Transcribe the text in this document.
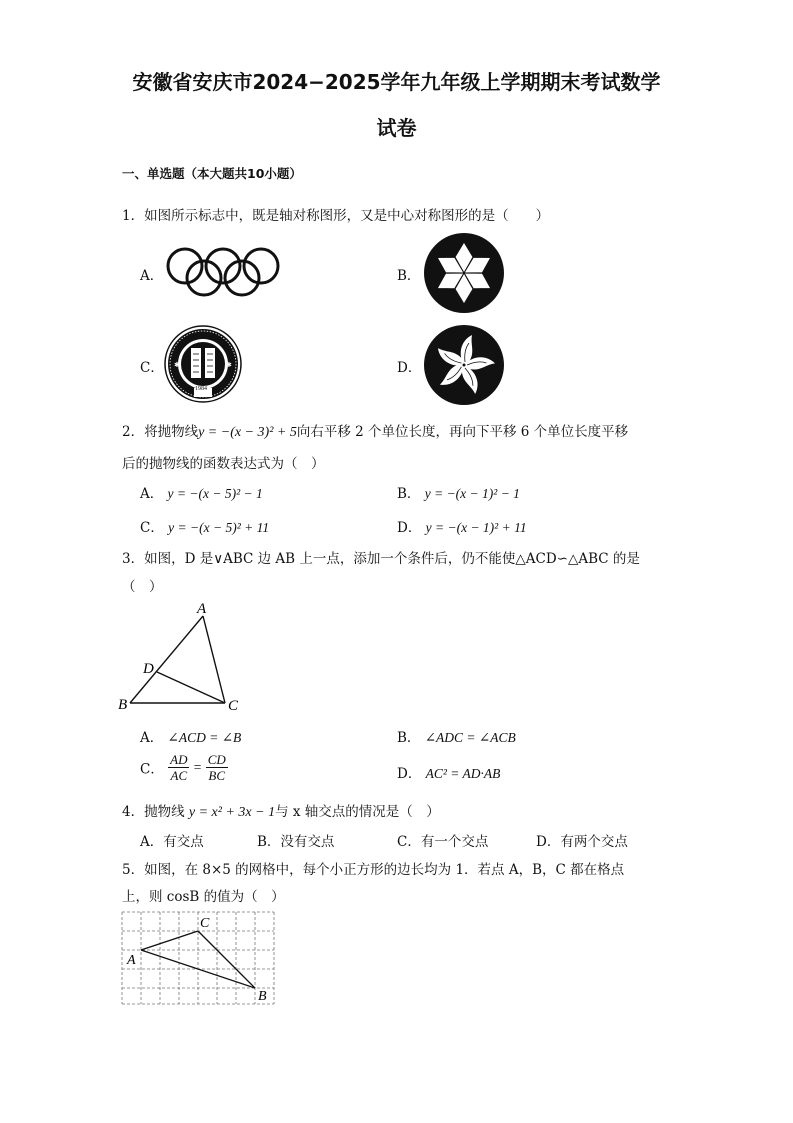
安徽省安庆市2024−2025学年九年级上学期期末考试数学
试卷
一、单选题（本大题共10小题）
1．如图所示标志中，既是轴对称图形，又是中心对称图形的是（　　）
A．	B．
C． ✱	✱
1984
D．
2．将抛物线y = −(x − 3)² + 5向右平移 2 个单位长度，再向下平移 6 个单位长度平移
后的抛物线的函数表达式为（　）
A． y = −(x − 5)² − 1	B． y = −(x − 1)² − 1
C． y = −(x − 5)² + 11	D． y = −(x − 1)² + 11
3．如图，D 是∨ABC 边 AB 上一点，添加一个条件后，仍不能使△ACD∽△ABC 的是
（　）
A
B	C
D
A． ∠ACD = ∠B	B． ∠ADC = ∠ACB
C． $\frac{AD}{AC} = \frac{CD}{BC}$	D． AC² = AD·AB
4．抛物线 y = x² + 3x − 1与 x 轴交点的情况是（　）
A．有交点	B．没有交点	C．有一个交点	D．有两个交点
5．如图，在 8×5 的网格中，每个小正方形的边长均为 1．若点 A，B，C 都在格点
上，则 cosB 的值为（　）
A
B
C
